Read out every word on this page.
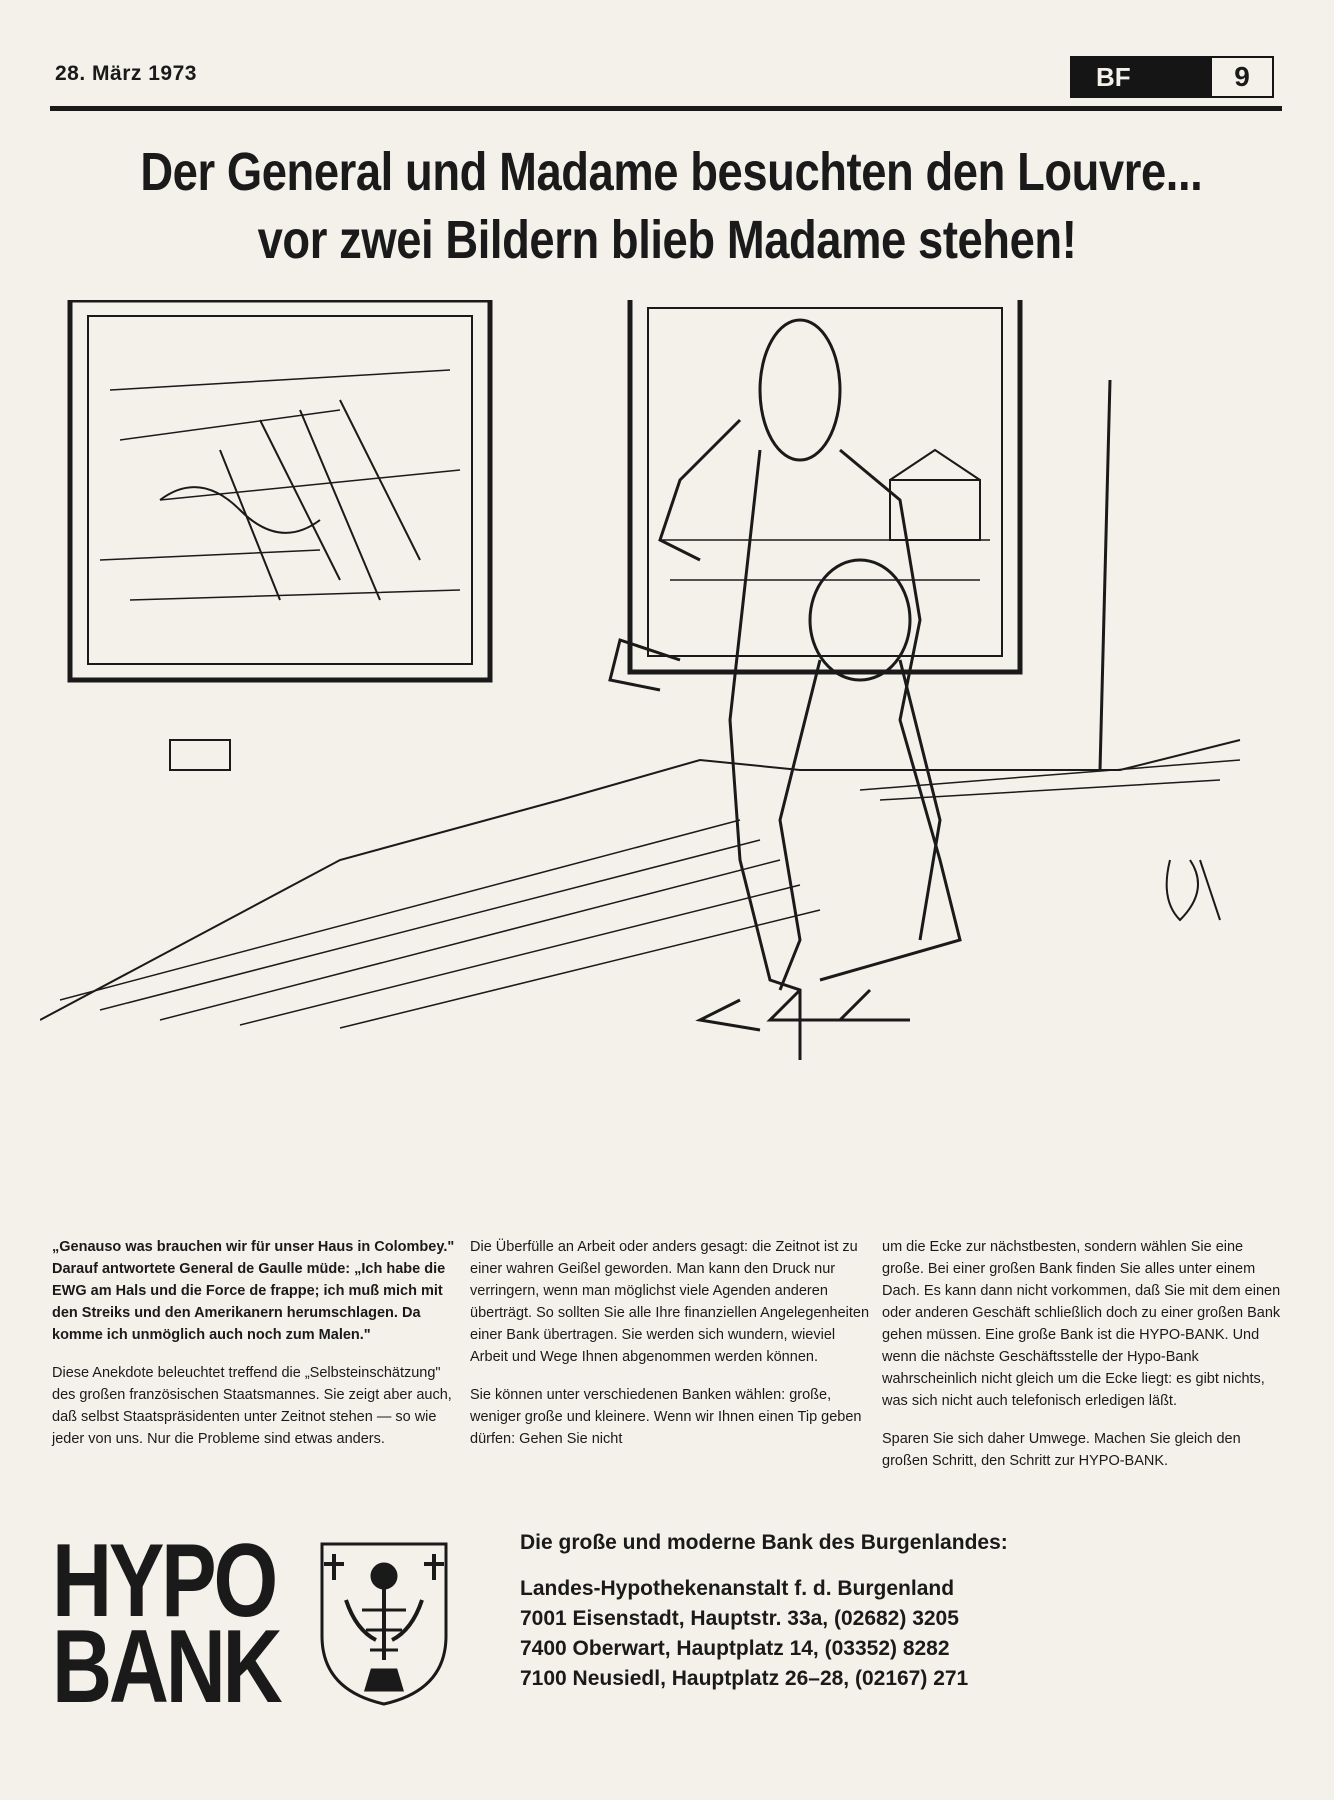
28. März 1973	BF	9
Der General und Madame besuchten den Louvre...
vor zwei Bildern blieb Madame stehen!

„Genauso was brauchen wir für unser Haus in Colombey." Darauf antwortete General de Gaulle müde: „Ich habe die EWG am Hals und die Force de frappe; ich muß mich mit den Streiks und den Amerikanern herumschlagen. Da komme ich unmöglich auch noch zum Malen."

Diese Anekdote beleuchtet treffend die „Selbsteinschätzung" des großen französischen Staatsmannes. Sie zeigt aber auch, daß selbst Staatspräsidenten unter Zeitnot stehen — so wie jeder von uns. Nur die Probleme sind etwas anders.

Die Überfülle an Arbeit oder anders gesagt: die Zeitnot ist zu einer wahren Geißel geworden. Man kann den Druck nur verringern, wenn man möglichst viele Agenden anderen überträgt. So sollten Sie alle Ihre finanziellen Angelegenheiten einer Bank übertragen. Sie werden sich wundern, wieviel Arbeit und Wege Ihnen abgenommen werden können.

Sie können unter verschiedenen Banken wählen: große, weniger große und kleinere. Wenn wir Ihnen einen Tip geben dürfen: Gehen Sie nicht

um die Ecke zur nächstbesten, sondern wählen Sie eine große. Bei einer großen Bank finden Sie alles unter einem Dach. Es kann dann nicht vorkommen, daß Sie mit dem einen oder anderen Geschäft schließlich doch zu einer großen Bank gehen müssen. Eine große Bank ist die HYPO-BANK. Und wenn die nächste Geschäftsstelle der Hypo-Bank wahrscheinlich nicht gleich um die Ecke liegt: es gibt nichts, was sich nicht auch telefonisch erledigen läßt.

Sparen Sie sich daher Umwege. Machen Sie gleich den großen Schritt, den Schritt zur HYPO-BANK.

HYPO
BANK
Die große und moderne Bank des Burgenlandes:
Landes-Hypothekenanstalt f. d. Burgenland
7001 Eisenstadt, Hauptstr. 33a, (02682) 3205
7400 Oberwart, Hauptplatz 14, (03352) 8282
7100 Neusiedl, Hauptplatz 26–28, (02167) 271
